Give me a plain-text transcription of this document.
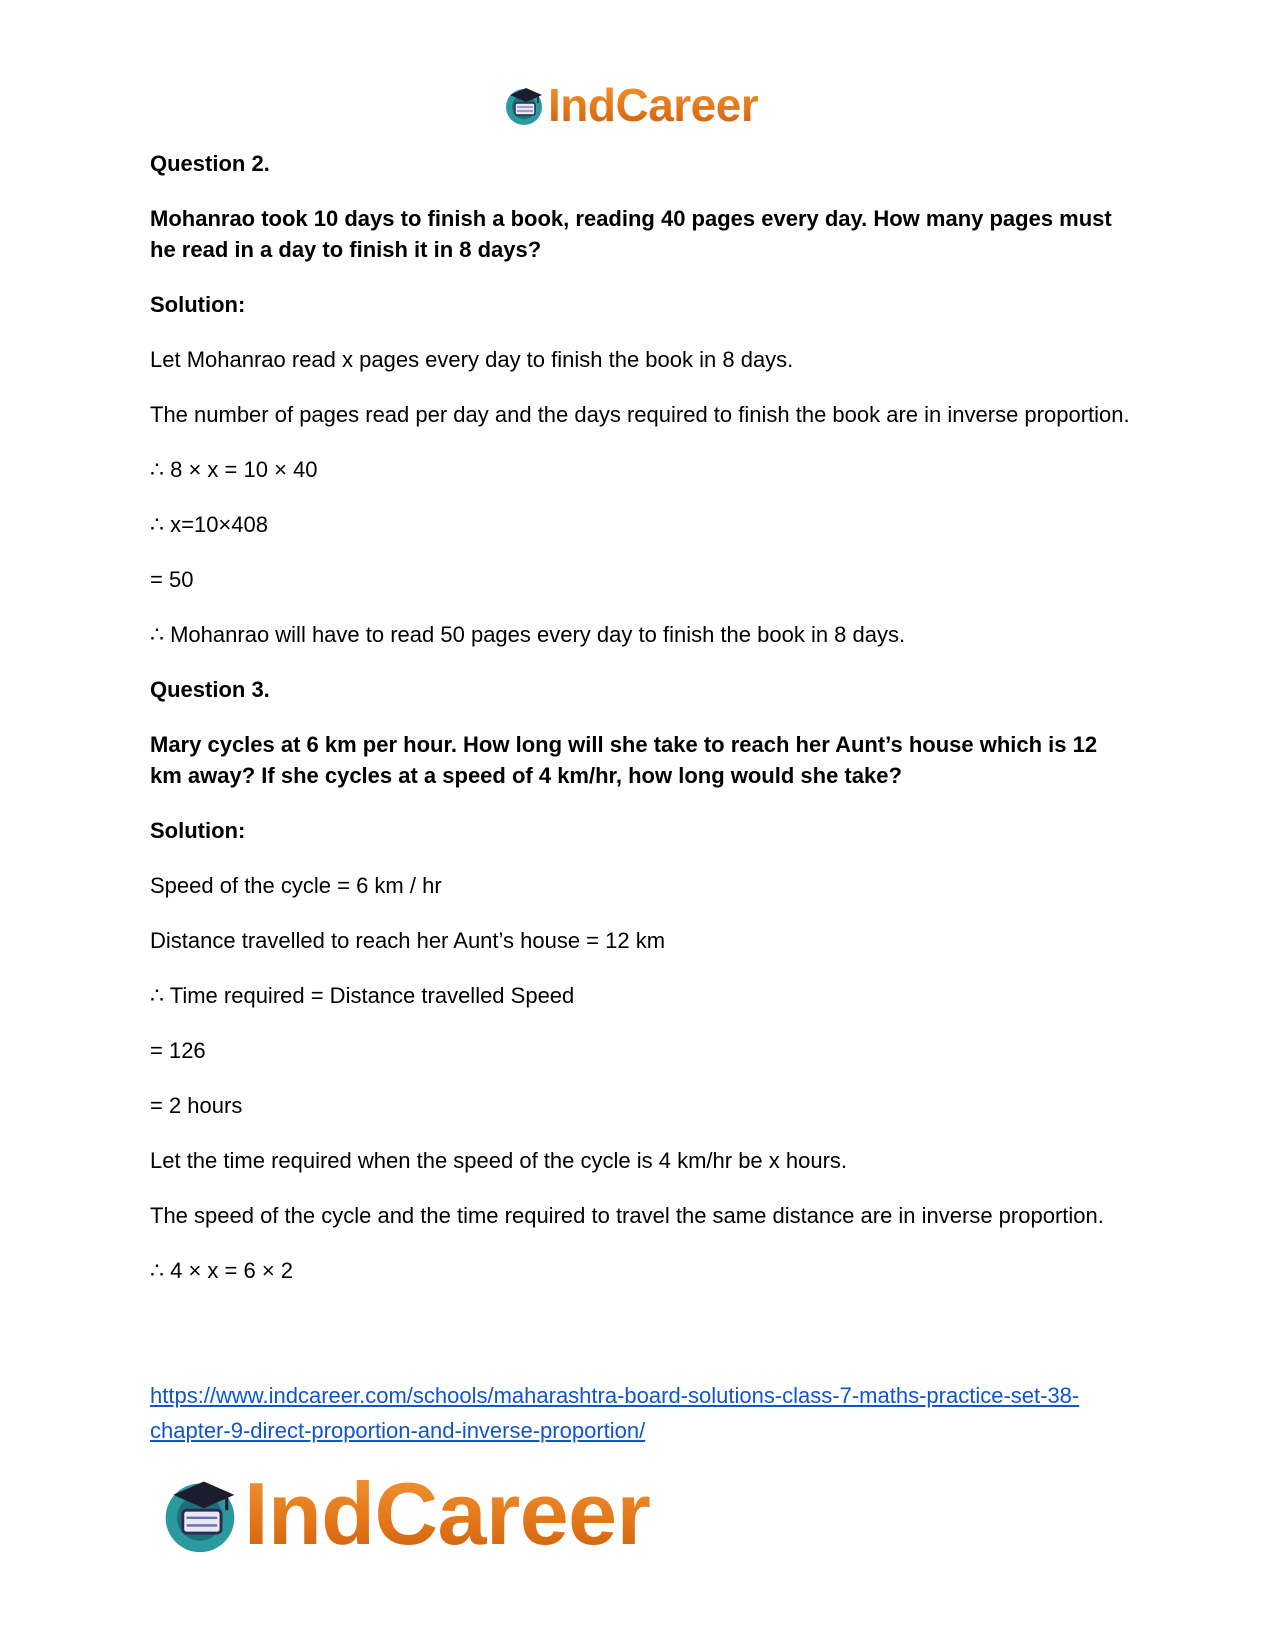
IndCareer

Question 2.

Mohanrao took 10 days to finish a book, reading 40 pages every day. How many pages must he read in a day to finish it in 8 days?

Solution:

Let Mohanrao read x pages every day to finish the book in 8 days.

The number of pages read per day and the days required to finish the book are in inverse proportion.

∴ 8 × x = 10 × 40

∴ x=10×408

= 50

∴ Mohanrao will have to read 50 pages every day to finish the book in 8 days.

Question 3.

Mary cycles at 6 km per hour. How long will she take to reach her Aunt’s house which is 12 km away? If she cycles at a speed of 4 km/hr, how long would she take?

Solution:

Speed of the cycle = 6 km / hr

Distance travelled to reach her Aunt’s house = 12 km

∴ Time required = Distance travelled Speed

= 126

= 2 hours

Let the time required when the speed of the cycle is 4 km/hr be x hours.

The speed of the cycle and the time required to travel the same distance are in inverse proportion.

∴ 4 × x = 6 × 2

https://www.indcareer.com/schools/maharashtra-board-solutions-class-7-maths-practice-set-38-chapter-9-direct-proportion-and-inverse-proportion/
IndCareer
